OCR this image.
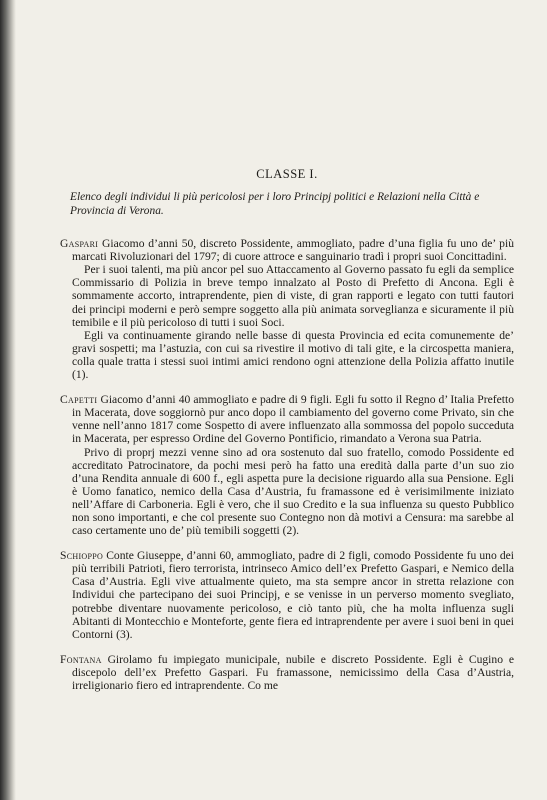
CLASSE I.
Elenco degli individui li più pericolosi per i loro Principj politici e Relazioni nella Città e Provincia di Verona.

Gaspari Giacomo d’anni 50, discreto Possidente, ammogliato, padre d’una figlia fu uno de’ più marcati Rivoluzionari del 1797; di cuore attroce e sanguinario tradì i propri suoi Concittadini.

Per i suoi talenti, ma più ancor pel suo Attaccamento al Governo passato fu egli da semplice Commissario di Polizia in breve tempo innalzato al Posto di Prefetto di Ancona. Egli è sommamente accorto, intraprendente, pien di viste, di gran rapporti e legato con tutti fautori dei principi moderni e però sempre soggetto alla più animata sorveglianza e sicuramente il più temibile e il più pericoloso di tutti i suoi Soci.

Egli va continuamente girando nelle basse di questa Provincia ed ecita comunemente de’ gravi sospetti; ma l’astuzia, con cui sa rivestire il motivo di tali gite, e la circospetta maniera, colla quale tratta i stessi suoi intimi amici rendono ogni attenzione della Polizia affatto inutile (1).

Capetti Giacomo d’anni 40 ammogliato e padre di 9 figli. Egli fu sotto il Regno d’ Italia Prefetto in Macerata, dove soggiornò pur anco dopo il cambiamento del governo come Privato, sin che venne nell’anno 1817 come Sospetto di avere influenzato alla sommossa del popolo succeduta in Macerata, per espresso Ordine del Governo Pontificio, rimandato a Verona sua Patria.

Privo di proprj mezzi venne sino ad ora sostenuto dal suo fratello, comodo Possidente ed accreditato Patrocinatore, da pochi mesi però ha fatto una eredità dalla parte d’un suo zio d’una Rendita annuale di 600 f., egli aspetta pure la decisione riguardo alla sua Pensione. Egli è Uomo fanatico, nemico della Casa d’Austria, fu framassone ed è verisimilmente iniziato nell’Affare di Carboneria. Egli è vero, che il suo Credito e la sua influenza su questo Pubblico non sono importanti, e che col presente suo Contegno non dà motivi a Censura: ma sarebbe al caso certamente uno de’ più temibili soggetti (2).

Schioppo Conte Giuseppe, d’anni 60, ammogliato, padre di 2 figli, comodo Possidente fu uno dei più terribili Patrioti, fiero terrorista, intrinseco Amico dell’ex Prefetto Gaspari, e Nemico della Casa d’Austria. Egli vive attualmente quieto, ma sta sempre ancor in stretta relazione con Individui che partecipano dei suoi Principj, e se venisse in un perverso momento svegliato, potrebbe diventare nuovamente pericoloso, e ciò tanto più, che ha molta influenza sugli Abitanti di Montecchio e Monteforte, gente fiera ed intraprendente per avere i suoi beni in quei Contorni (3).

Fontana Girolamo fu impiegato municipale, nubile e discreto Possidente. Egli è Cugino e discepolo dell’ex Prefetto Gaspari. Fu framassone, nemicissimo della Casa d’Austria, irreligionario fiero ed intraprendente. Co me
